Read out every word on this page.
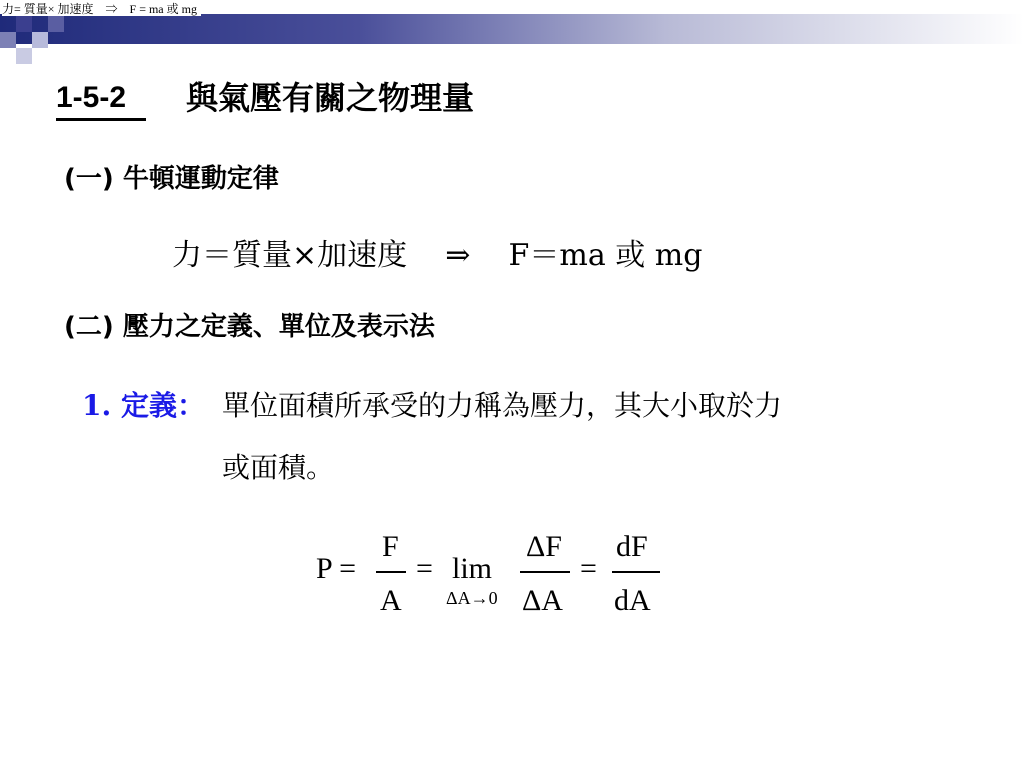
力= 質量× 加速度    ⇒    F = ma 或 mg
1-5-2 與氣壓有關之物理量
(一) 牛頓運動定律
力＝質量×加速度    ⇒    F＝ma 或 mg
(二) 壓力之定義、單位及表示法
1. 定義： 單位面積所承受的力稱為壓力，其大小取於力
或面積。
P =
F
A
= lim
ΔA→0
ΔF
ΔA
=
dF
dA
